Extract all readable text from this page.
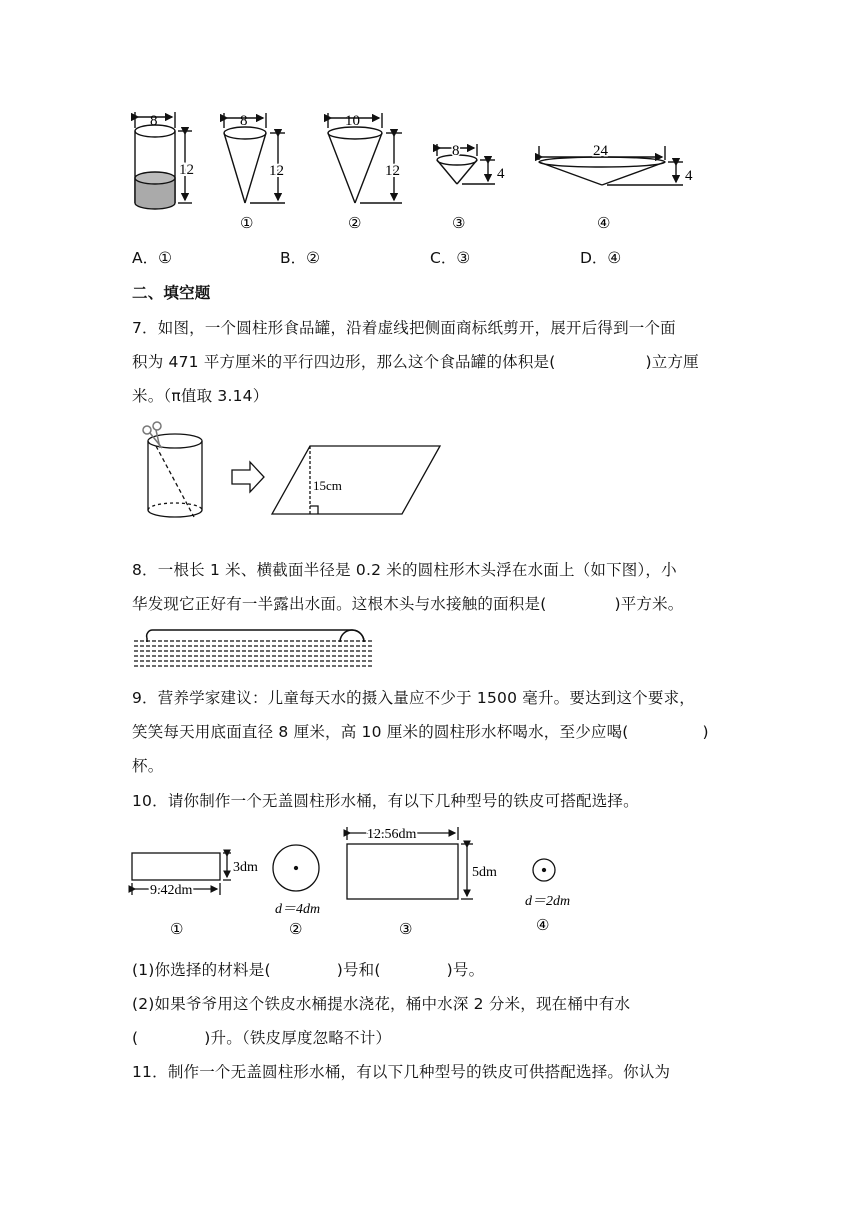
8
12
8
12
①
10
12
②
8
4
③
24
4
④
A．①	B．②	C．③	D．④
二、填空题
7．如图，一个圆柱形食品罐，沿着虚线把侧面商标纸剪开，展开后得到一个面
积为 471 平方厘米的平行四边形，那么这个食品罐的体积是(	)立方厘
米。（π值取 3.14）
15cm
8．一根长 1 米、横截面半径是 0.2 米的圆柱形木头浮在水面上（如下图），小
华发现它正好有一半露出水面。这根木头与水接触的面积是(	)平方米。
9．营养学家建议：儿童每天水的摄入量应不少于 1500 毫升。要达到这个要求，
笑笑每天用底面直径 8 厘米，高 10 厘米的圆柱形水杯喝水，至少应喝(	)
杯。
10．请你制作一个无盖圆柱形水桶，有以下几种型号的铁皮可搭配选择。
3dm
9.42dm
①
d＝4dm
②
12.56dm
5dm
③
d＝2dm
④
(1)你选择的材料是(	)号和(	)号。
(2)如果爷爷用这个铁皮水桶提水浇花，桶中水深 2 分米，现在桶中有水
(	)升。（铁皮厚度忽略不计）
11．制作一个无盖圆柱形水桶，有以下几种型号的铁皮可供搭配选择。你认为
